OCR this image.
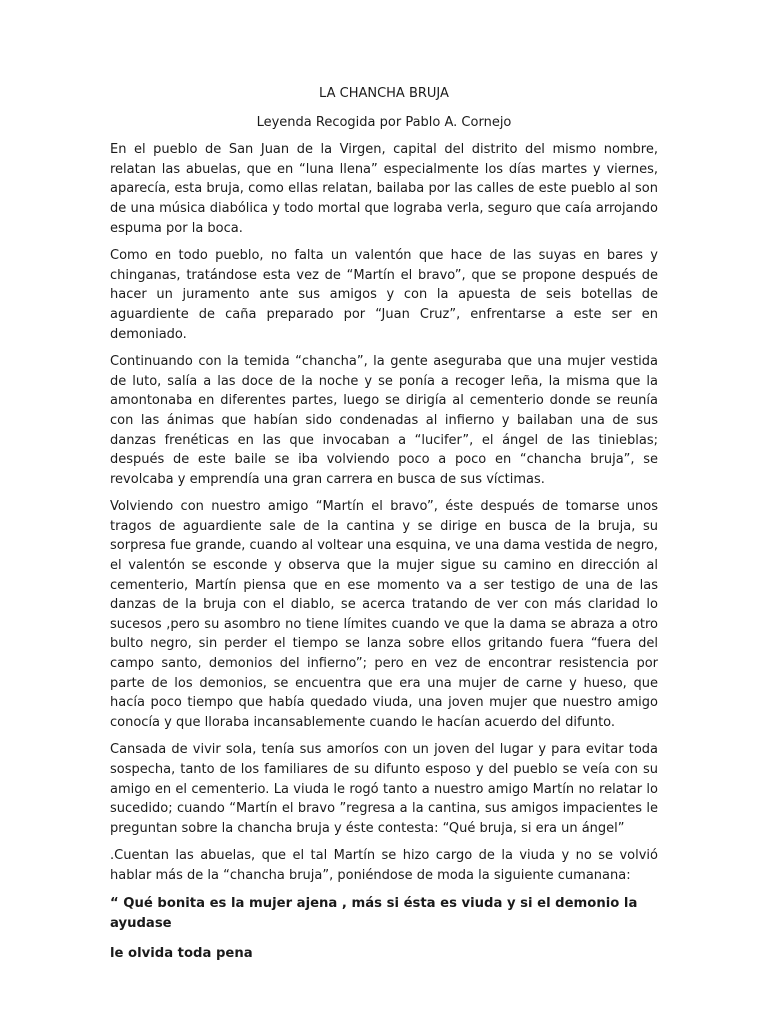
LA CHANCHA BRUJA

Leyenda Recogida por Pablo A. Cornejo

En el pueblo de San Juan de la Virgen, capital del distrito del mismo nombre, relatan las abuelas, que en “luna llena” especialmente los días martes y viernes, aparecía, esta bruja, como ellas relatan, bailaba por las calles de este pueblo al son de una música diabólica y todo mortal que lograba verla, seguro que caía arrojando espuma por la boca.

Como en todo pueblo, no falta un valentón que hace de las suyas en bares y chinganas, tratándose esta vez de “Martín el bravo”, que se propone después de hacer un juramento ante sus amigos y con la apuesta de seis botellas de aguardiente de caña preparado por “Juan Cruz”, enfrentarse a este ser en demoniado.

Continuando con la temida “chancha”, la gente aseguraba que una mujer vestida de luto, salía a las doce de la noche y se ponía a recoger leña, la misma que la amontonaba en diferentes partes, luego se dirigía al cementerio donde se reunía con las ánimas que habían sido condenadas al infierno y bailaban una de sus danzas frenéticas en las que invocaban a “lucifer”, el ángel de las tinieblas; después de este baile se iba volviendo poco a poco en “chancha bruja”, se revolcaba y emprendía una gran carrera en busca de sus víctimas.

Volviendo con nuestro amigo “Martín el bravo”, éste después de tomarse unos tragos de aguardiente sale de la cantina y se dirige en busca de la bruja, su sorpresa fue grande, cuando al voltear una esquina, ve una dama vestida de negro, el valentón se esconde y observa que la mujer sigue su camino en dirección al cementerio, Martín piensa que en ese momento va a ser testigo de una de las danzas de la bruja con el diablo, se acerca tratando de ver con más claridad lo sucesos ,pero su asombro no tiene límites cuando ve que la dama se abraza a otro bulto negro, sin perder el tiempo se lanza sobre ellos gritando fuera “fuera del campo santo, demonios del infierno”; pero en vez de encontrar resistencia por parte de los demonios, se encuentra que era una mujer de carne y hueso, que hacía poco tiempo que había quedado viuda, una joven mujer que nuestro amigo conocía y que lloraba incansablemente cuando le hacían acuerdo del difunto.

Cansada de vivir sola, tenía sus amoríos con un joven del lugar y para evitar toda sospecha, tanto de los familiares de su difunto esposo y del pueblo se veía con su amigo en el cementerio. La viuda le rogó tanto a nuestro amigo Martín no relatar lo sucedido; cuando “Martín el bravo ”regresa a la cantina, sus amigos impacientes le preguntan sobre la chancha bruja y éste contesta: “Qué bruja, si era un ángel”

.Cuentan las abuelas, que el tal Martín se hizo cargo de la viuda y no se volvió hablar más de la “chancha bruja”, poniéndose de moda la siguiente cumanana:

“ Qué bonita es la mujer ajena , más si ésta es viuda y si el demonio la ayudase

le olvida toda pena
